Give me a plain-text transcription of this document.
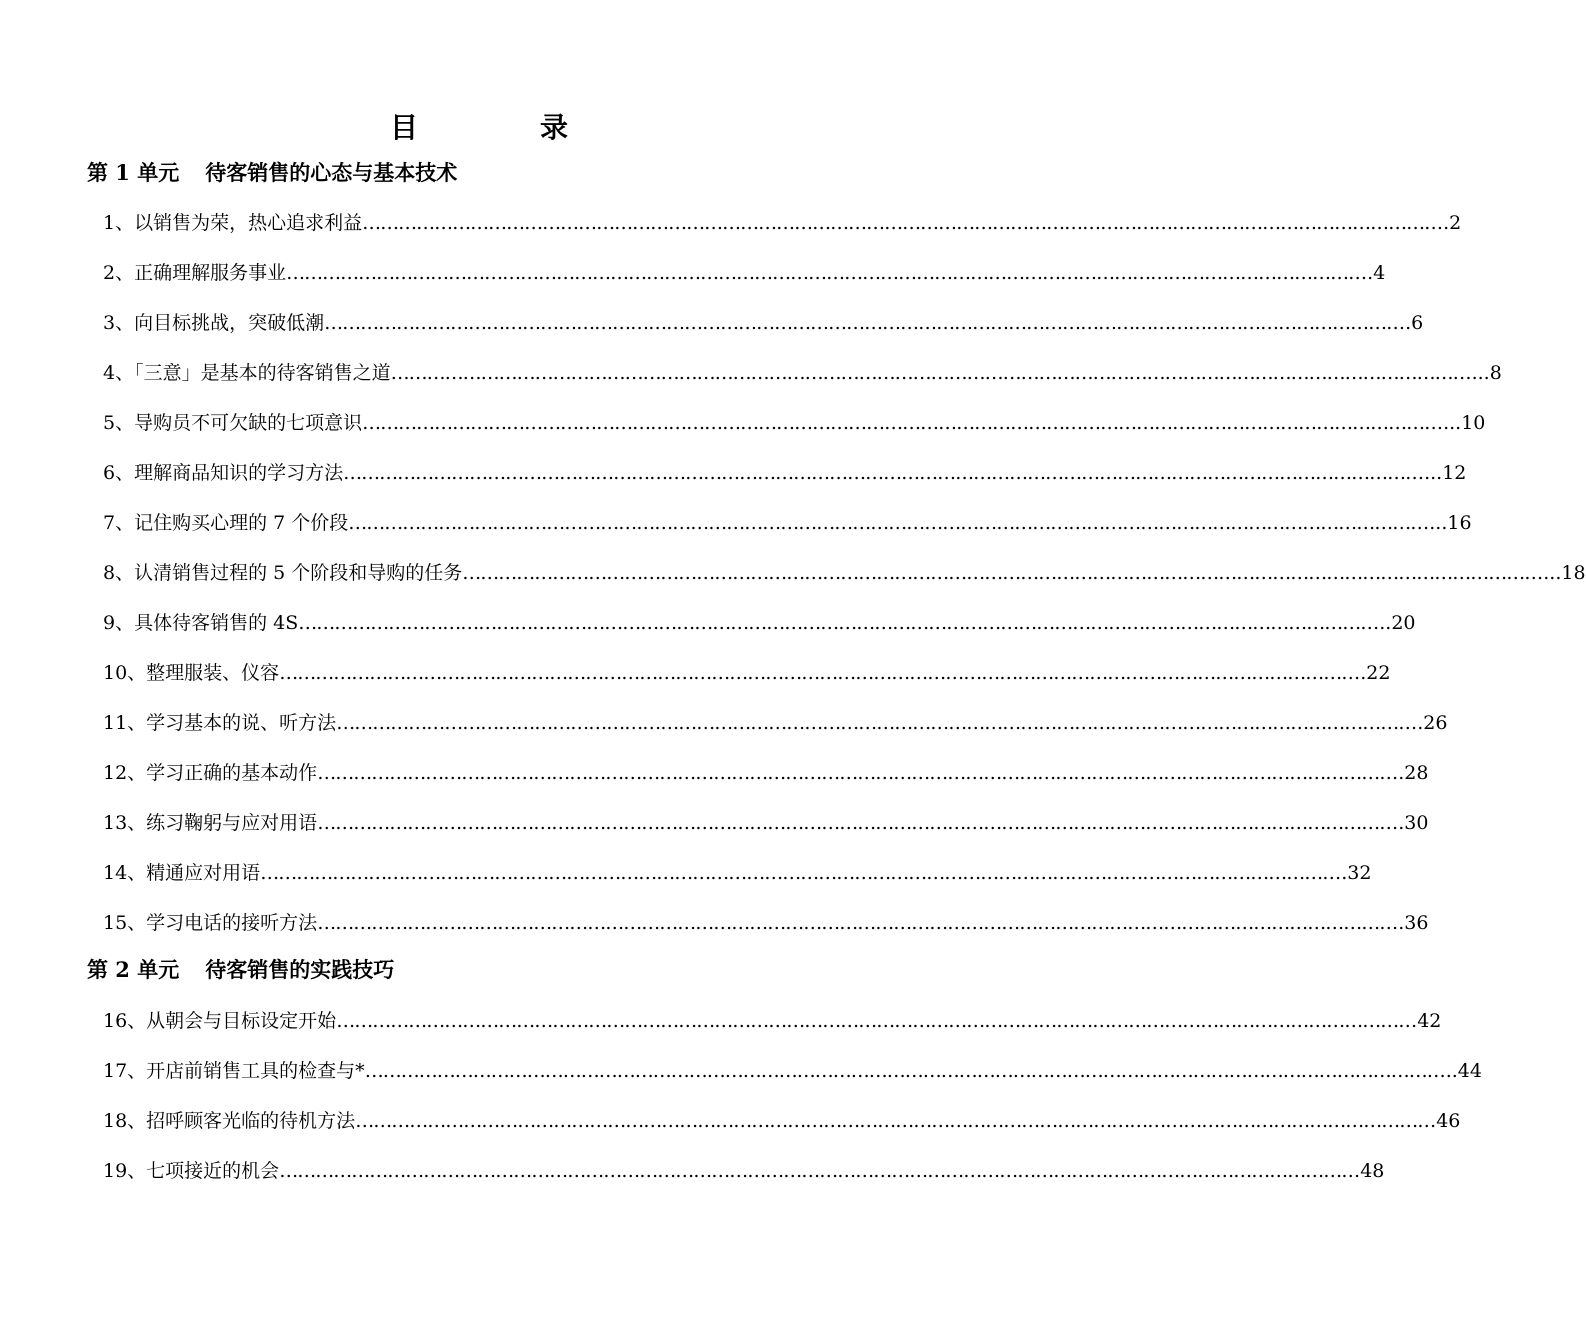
目	录
第 1 单元 待客销售的心态与基本技术
1、以销售为荣，热心追求利益 ……………………………………………………………………………………………………………………………………………………………… .2
2、正确理解服务事业 ……………………………………………………………………………………………………………………………………………………………… .4
3、向目标挑战，突破低潮 ……………………………………………………………………………………………………………………………………………………………… .6
4、「三意」是基本的待客销售之道 ……………………………………………………………………………………………………………………………………………………………… ...8
5、导购员不可欠缺的七项意识 ……………………………………………………………………………………………………………………………………………………………… ...10
6、理解商品知识的学习方法 ……………………………………………………………………………………………………………………………………………………………… ...12
7、记住购买心理的 7 个价段 ……………………………………………………………………………………………………………………………………………………………… ...16
8、认清销售过程的 5 个阶段和导购的任务 ……………………………………………………………………………………………………………………………………………………………… ...18
9、具体待客销售的 4S ……………………………………………………………………………………………………………………………………………………………… ..20
10、整理服装、仪容 ……………………………………………………………………………………………………………………………………………………………… .22
11、学习基本的说、听方法 ……………………………………………………………………………………………………………………………………………………………… .26
12、学习正确的基本动作 ……………………………………………………………………………………………………………………………………………………………… .28
13、练习鞠躬与应对用语 ……………………………………………………………………………………………………………………………………………………………… .30
14、精通应对用语 ……………………………………………………………………………………………………………………………………………………………… .32
15、学习电话的接听方法 ……………………………………………………………………………………………………………………………………………………………… .36
第 2 单元 待客销售的实践技巧
16、从朝会与目标设定开始 ……………………………………………………………………………………………………………………………………………………………… 42
17、开店前销售工具的检查与* ……………………………………………………………………………………………………………………………………………………………… ..44
18、招呼顾客光临的待机方法 ……………………………………………………………………………………………………………………………………………………………… 46
19、七项接近的机会 ……………………………………………………………………………………………………………………………………………………………… 48
